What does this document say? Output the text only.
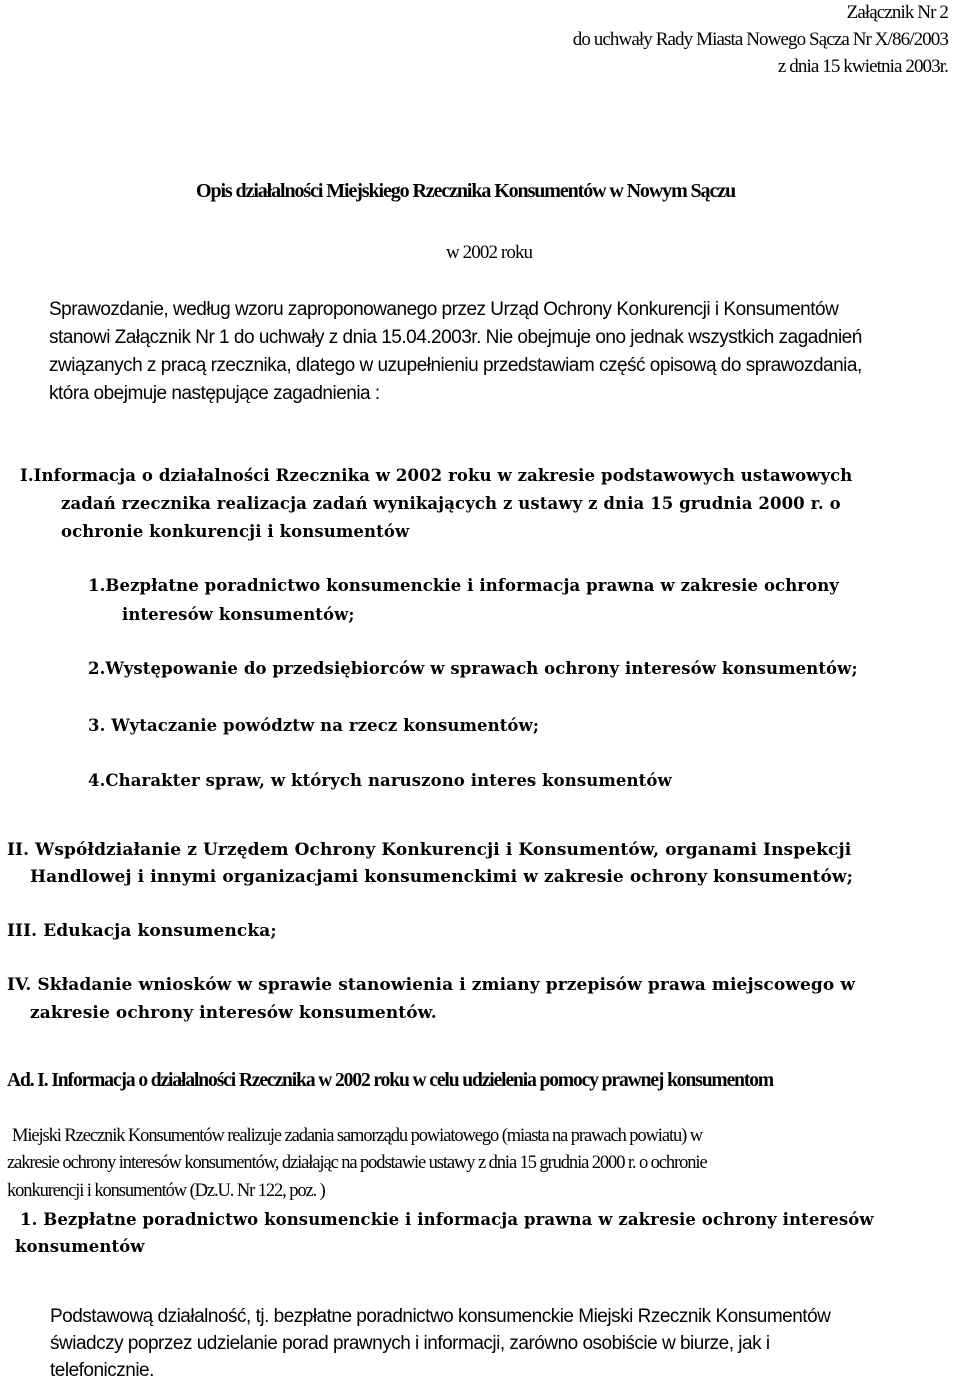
Załącznik Nr 2
do uchwały Rady Miasta Nowego Sącza Nr X/86/2003
z dnia 15 kwietnia 2003r.
Opis działalności Miejskiego Rzecznika Konsumentów w Nowym Sączu
w 2002 roku
Sprawozdanie, według wzoru zaproponowanego przez Urząd Ochrony Konkurencji i Konsumentów
stanowi Załącznik Nr 1 do uchwały z dnia 15.04.2003r. Nie obejmuje ono jednak wszystkich zagadnień
związanych z pracą rzecznika, dlatego w uzupełnieniu przedstawiam część opisową do sprawozdania,
która obejmuje następujące zagadnienia :
I.Informacja o działalności Rzecznika w 2002 roku w zakresie podstawowych ustawowych
zadań rzecznika realizacja zadań wynikających z ustawy z dnia 15 grudnia 2000 r. o
ochronie konkurencji i konsumentów
1.Bezpłatne poradnictwo konsumenckie i informacja prawna w zakresie ochrony
interesów konsumentów;
2.Występowanie do przedsiębiorców w sprawach ochrony interesów konsumentów;
3. Wytaczanie powództw na rzecz konsumentów;
4.Charakter spraw, w których naruszono interes konsumentów
II. Współdziałanie z Urzędem Ochrony Konkurencji i Konsumentów, organami Inspekcji
Handlowej i innymi organizacjami konsumenckimi w zakresie ochrony konsumentów;
III. Edukacja konsumencka;
IV. Składanie wniosków w sprawie stanowienia i zmiany przepisów prawa miejscowego w
zakresie ochrony interesów konsumentów.
Ad. I. Informacja o działalności Rzecznika w 2002 roku w celu udzielenia pomocy prawnej konsumentom
Miejski Rzecznik Konsumentów realizuje zadania samorządu powiatowego (miasta na prawach powiatu) w
zakresie ochrony interesów konsumentów, działając na podstawie ustawy z dnia 15 grudnia 2000 r. o ochronie
konkurencji i konsumentów (Dz.U. Nr 122, poz. )
1. Bezpłatne poradnictwo konsumenckie i informacja prawna w zakresie ochrony interesów
konsumentów
Podstawową działalność, tj. bezpłatne poradnictwo konsumenckie Miejski Rzecznik Konsumentów
świadczy poprzez udzielanie porad prawnych i informacji, zarówno osobiście w biurze, jak i
telefonicznie.
